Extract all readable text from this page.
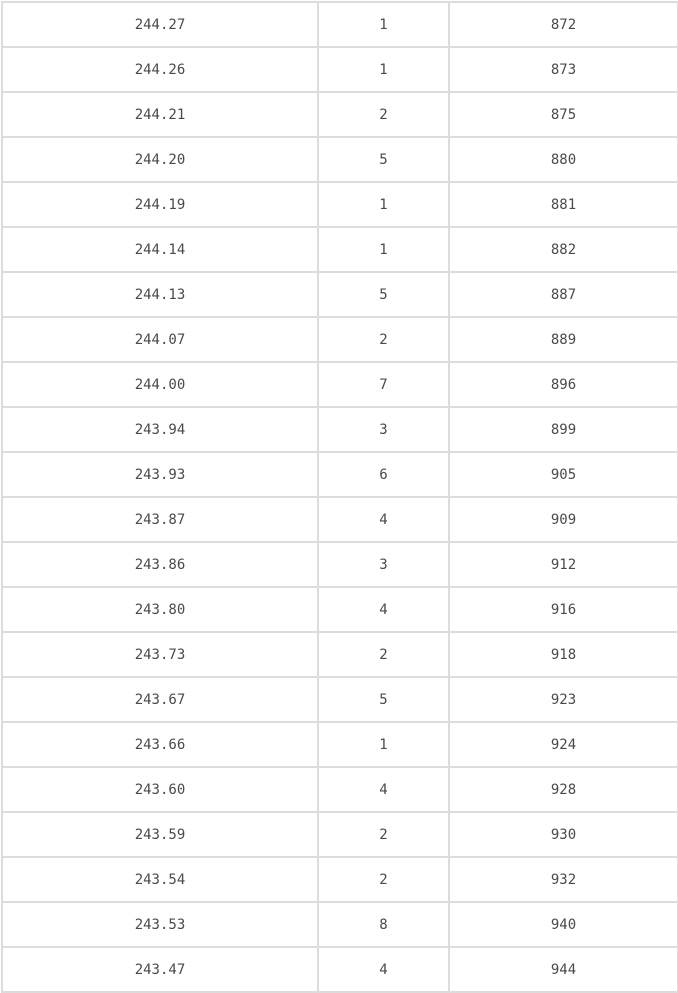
244.27	1	872
244.26	1	873
244.21	2	875
244.20	5	880
244.19	1	881
244.14	1	882
244.13	5	887
244.07	2	889
244.00	7	896
243.94	3	899
243.93	6	905
243.87	4	909
243.86	3	912
243.80	4	916
243.73	2	918
243.67	5	923
243.66	1	924
243.60	4	928
243.59	2	930
243.54	2	932
243.53	8	940
243.47	4	944
